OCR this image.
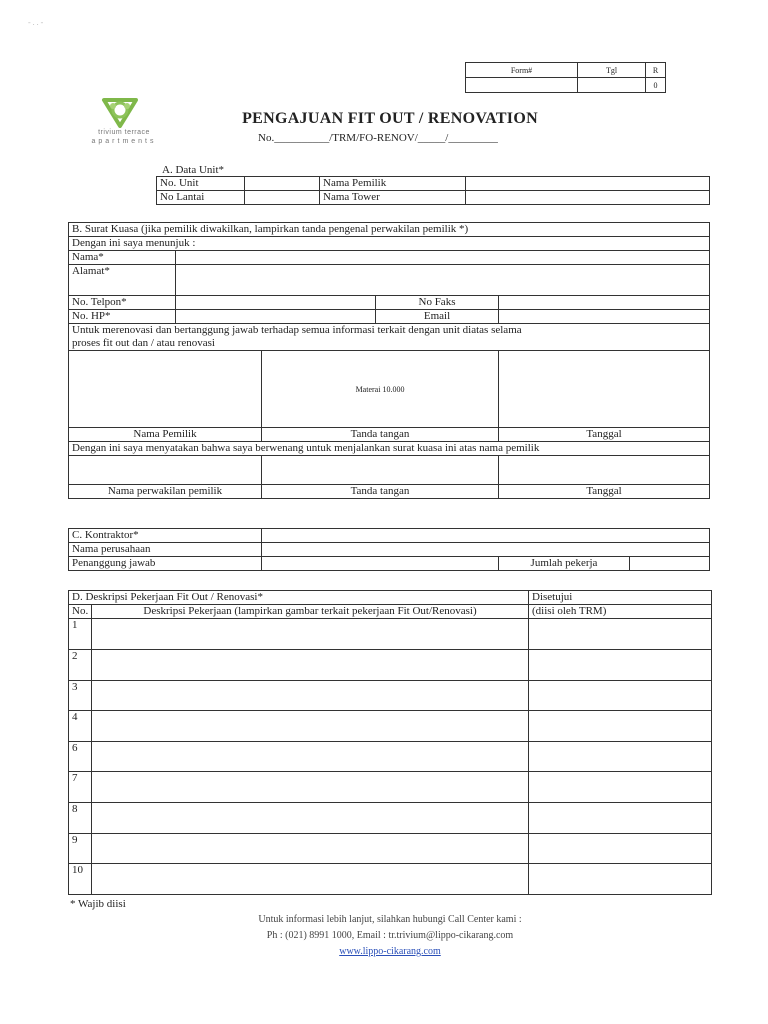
- . . -
Form#	Tgl	R
		0
trivium terrace
apartments
PENGAJUAN FIT OUT / RENOVATION
No.__________/TRM/FO-RENOV/_____/_________
A. Data Unit*
No. Unit		Nama Pemilik	
No Lantai		Nama Tower	
B. Surat Kuasa (jika pemilik diwakilkan, lampirkan tanda pengenal perwakilan pemilik *)				
Dengan ini saya menunjuk :				
Nama*				
Alamat*				
No. Telpon*			No Faks	
No. HP*			Email	

Untuk merenovasi dan bertanggung jawab terhadap semua informasi terkait dengan unit diatas selama
proses fit out dan / atau renovasi				

		Materai 10.000		
Nama Pemilik		Tanda tangan		Tanggal
Dengan ini saya menyatakan bahwa saya berwenang untuk menjalankan surat kuasa ini atas nama pemilik				

Nama perwakilan pemilik		Tanda tangan		Tanggal
C. Kontraktor*			
Nama perusahaan			
Penanggung jawab		Jumlah pekerja	
D. Deskripsi Pekerjaan Fit Out / Renovasi*		Disetujui
No.	Deskripsi Pekerjaan (lampirkan gambar terkait pekerjaan Fit Out/Renovasi)	(diisi oleh TRM)
1		
2		
3		
4		
6		
7		
8		
9		
10		
* Wajib diisi
Untuk informasi lebih lanjut, silahkan hubungi Call Center kami :
Ph : (021) 8991 1000, Email : tr.trivium@lippo-cikarang.com
www.lippo-cikarang.com
